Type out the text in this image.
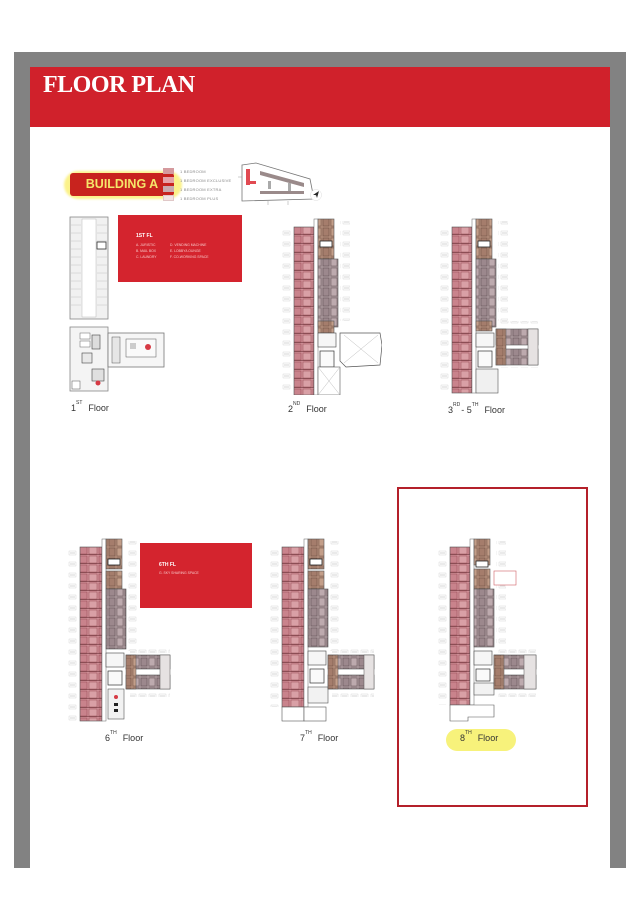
FLOOR PLAN
BUILDING A
1 BEDROOM
1 BEDROOM EXCLUSIVE
1 BEDROOM EXTRA
1 BEDROOM PLUS
1ST FL
A. JURISTIC
B. MAIL BOX
C. LAUNDRY
D. VENDING MACHINE
E. LOBBY/LOUNGE
F. CO-WORKING SPACE
1ST Floor	2ND Floor	3RD- 5TH Floor
6TH FL
G. SKY SHARING SPACE
6TH Floor	7TH Floor	8TH Floor
